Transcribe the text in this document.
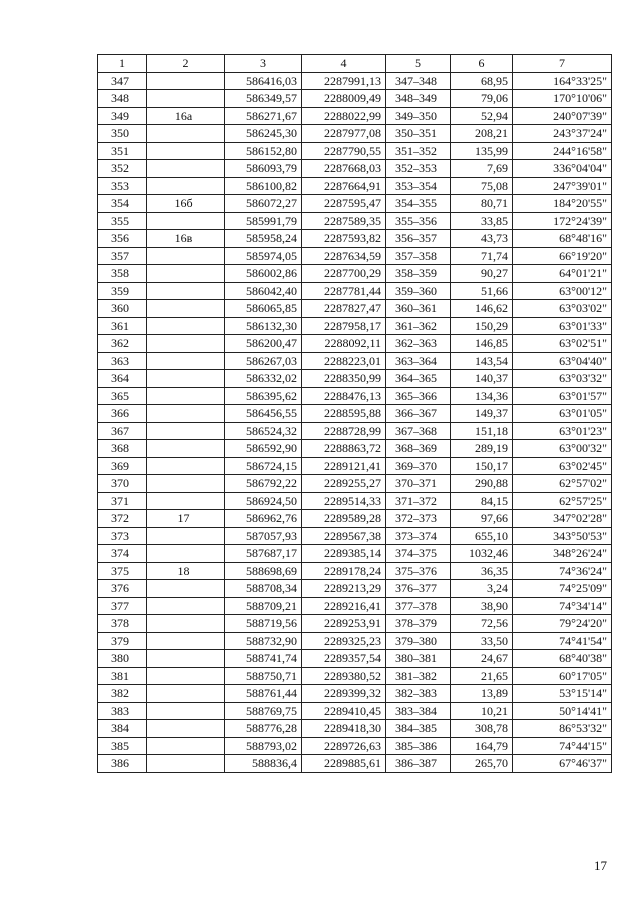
1	2	3	4	5	6	7
347		586416,03	2287991,13	347–348	68,95	164°33'25"
348		586349,57	2288009,49	348–349	79,06	170°10'06"
349	16а	586271,67	2288022,99	349–350	52,94	240°07'39"
350		586245,30	2287977,08	350–351	208,21	243°37'24"
351		586152,80	2287790,55	351–352	135,99	244°16'58"
352		586093,79	2287668,03	352–353	7,69	336°04'04"
353		586100,82	2287664,91	353–354	75,08	247°39'01"
354	16б	586072,27	2287595,47	354–355	80,71	184°20'55"
355		585991,79	2287589,35	355–356	33,85	172°24'39"
356	16в	585958,24	2287593,82	356–357	43,73	68°48'16"
357		585974,05	2287634,59	357–358	71,74	66°19'20"
358		586002,86	2287700,29	358–359	90,27	64°01'21"
359		586042,40	2287781,44	359–360	51,66	63°00'12"
360		586065,85	2287827,47	360–361	146,62	63°03'02"
361		586132,30	2287958,17	361–362	150,29	63°01'33"
362		586200,47	2288092,11	362–363	146,85	63°02'51"
363		586267,03	2288223,01	363–364	143,54	63°04'40"
364		586332,02	2288350,99	364–365	140,37	63°03'32"
365		586395,62	2288476,13	365–366	134,36	63°01'57"
366		586456,55	2288595,88	366–367	149,37	63°01'05"
367		586524,32	2288728,99	367–368	151,18	63°01'23"
368		586592,90	2288863,72	368–369	289,19	63°00'32"
369		586724,15	2289121,41	369–370	150,17	63°02'45"
370		586792,22	2289255,27	370–371	290,88	62°57'02"
371		586924,50	2289514,33	371–372	84,15	62°57'25"
372	17	586962,76	2289589,28	372–373	97,66	347°02'28"
373		587057,93	2289567,38	373–374	655,10	343°50'53"
374		587687,17	2289385,14	374–375	1032,46	348°26'24"
375	18	588698,69	2289178,24	375–376	36,35	74°36'24"
376		588708,34	2289213,29	376–377	3,24	74°25'09"
377		588709,21	2289216,41	377–378	38,90	74°34'14"
378		588719,56	2289253,91	378–379	72,56	79°24'20"
379		588732,90	2289325,23	379–380	33,50	74°41'54"
380		588741,74	2289357,54	380–381	24,67	68°40'38"
381		588750,71	2289380,52	381–382	21,65	60°17'05"
382		588761,44	2289399,32	382–383	13,89	53°15'14"
383		588769,75	2289410,45	383–384	10,21	50°14'41"
384		588776,28	2289418,30	384–385	308,78	86°53'32"
385		588793,02	2289726,63	385–386	164,79	74°44'15"
386		588836,4	2289885,61	386–387	265,70	67°46'37"
17
